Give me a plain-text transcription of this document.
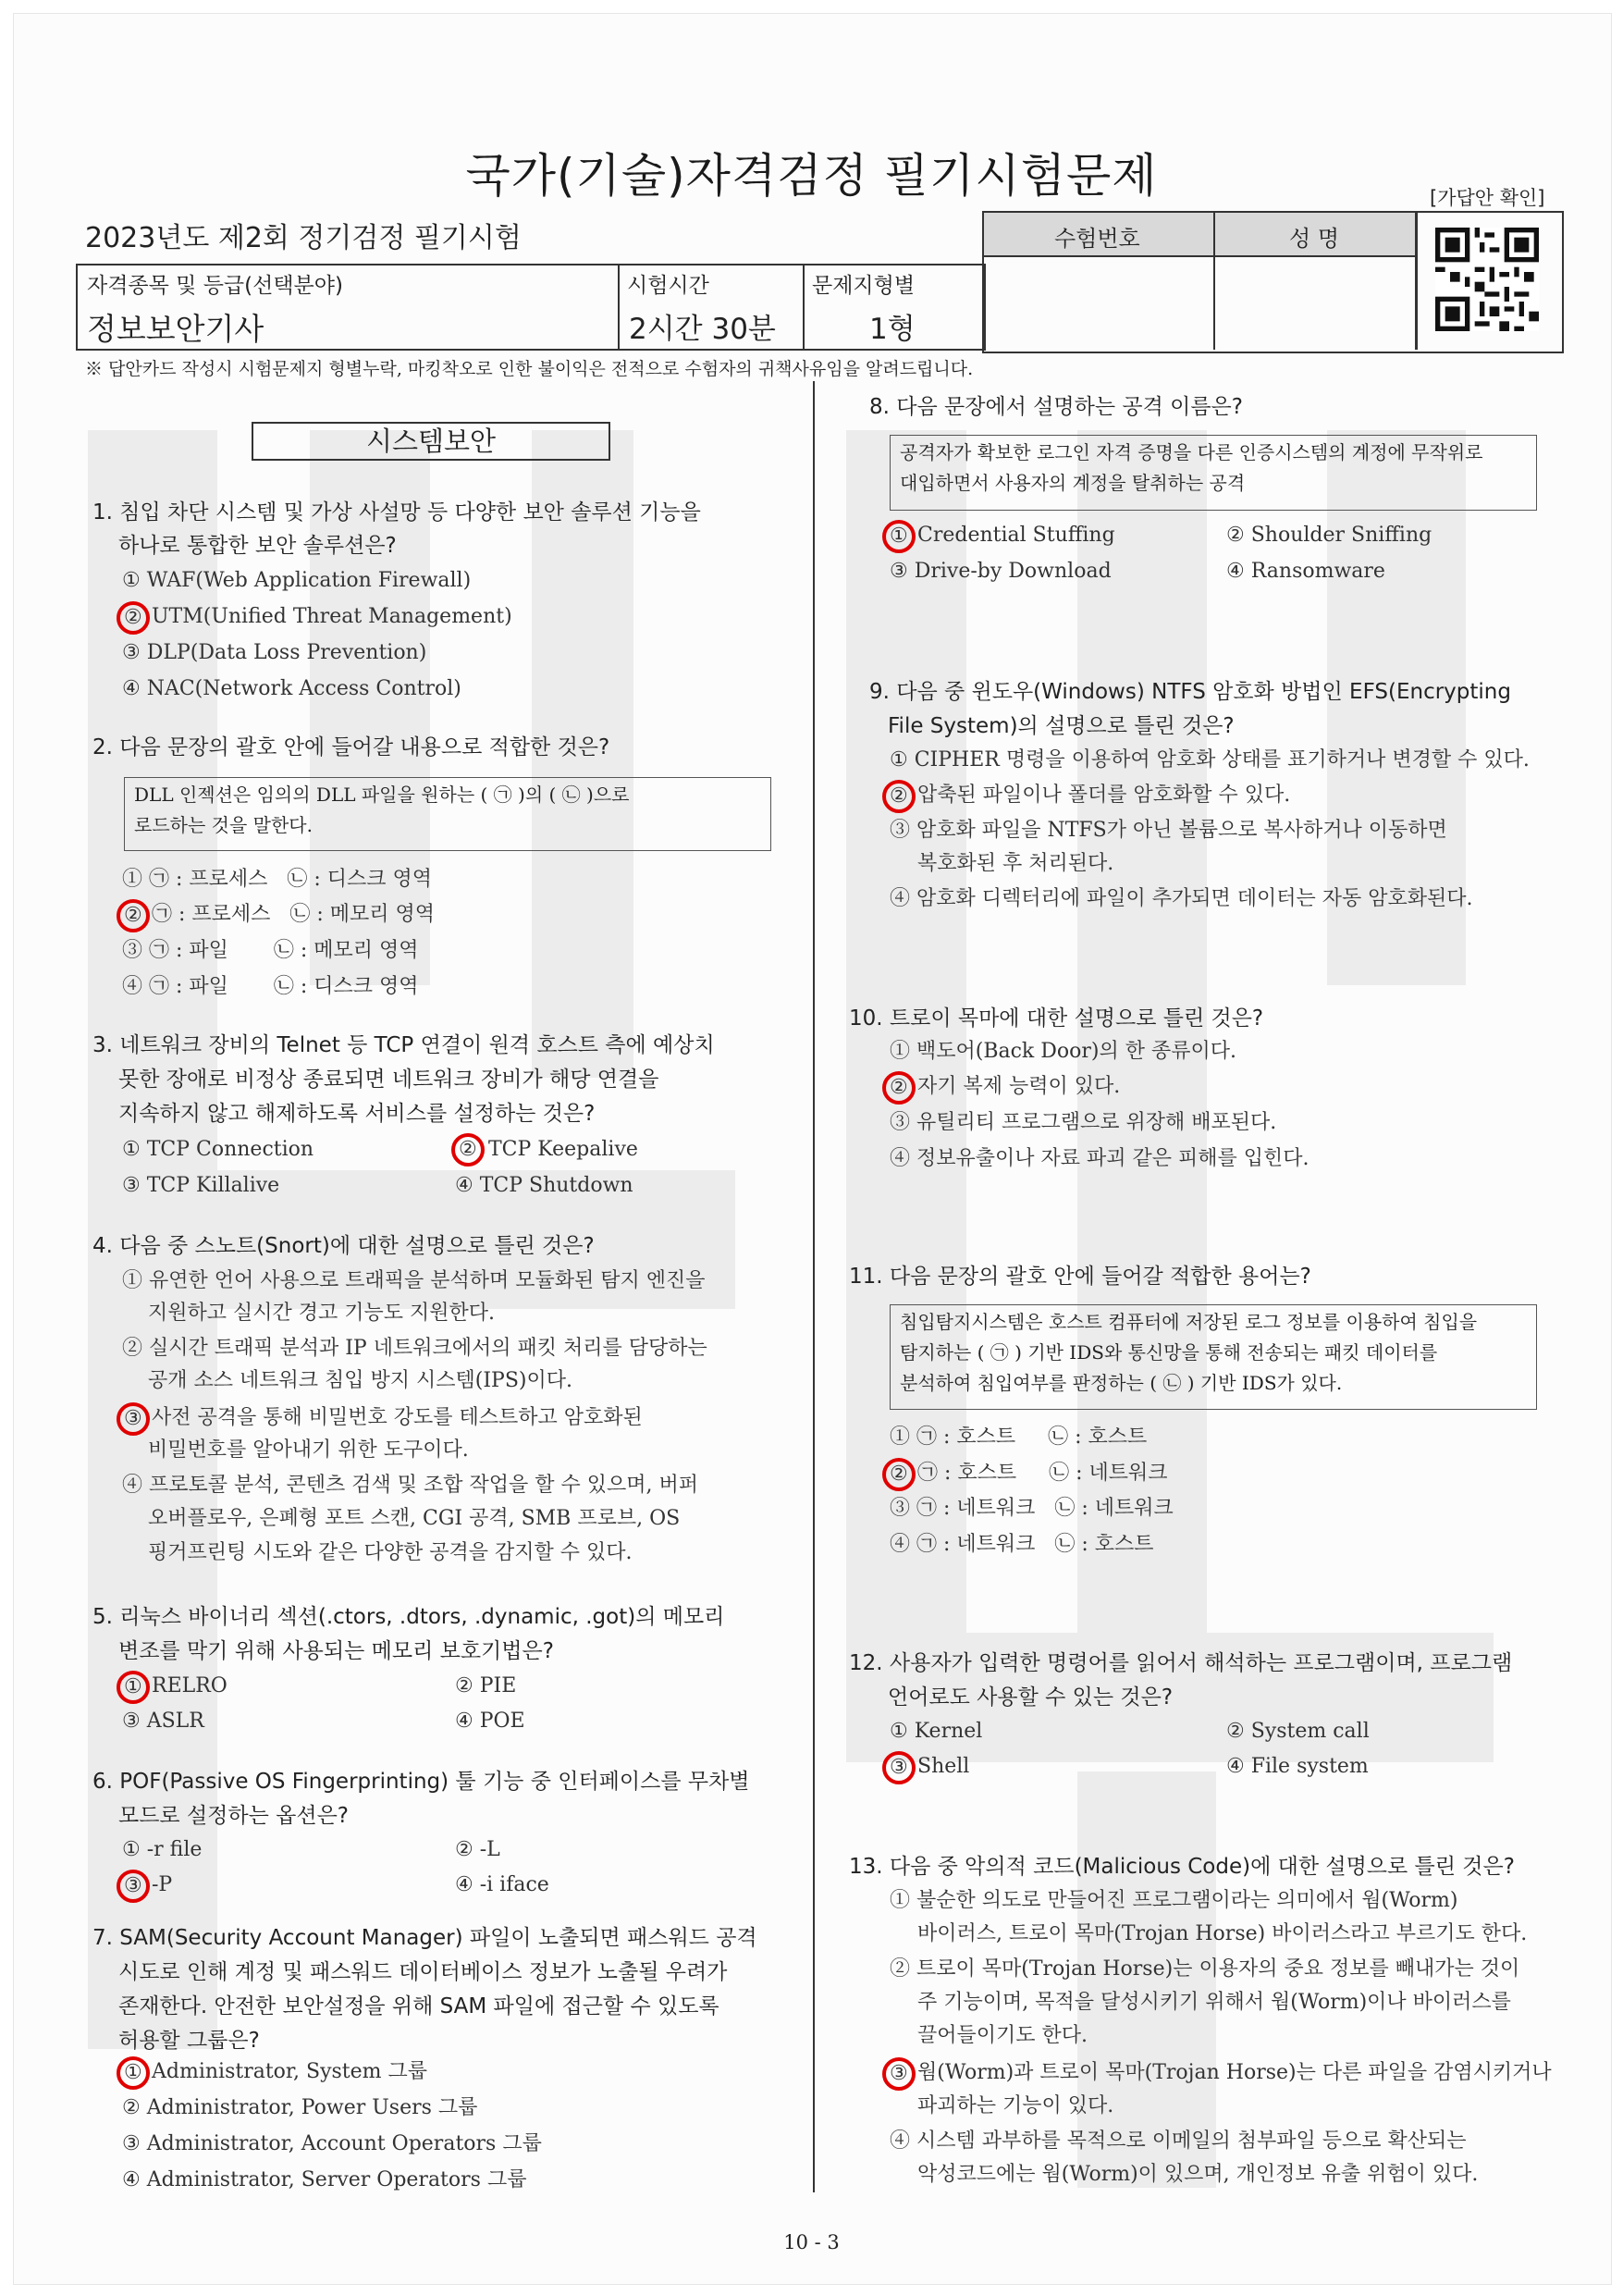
국가(기술)자격검정 필기시험문제	[가답안 확인]
2023년도 제2회 정기검정 필기시험
자격종목 및 등급(선택분야)
정보보안기사
시험시간
2시간 30분
문제지형별
1형
수험번호	성 명
※ 답안카드 작성시 시험문제지 형별누락, 마킹착오로 인한 불이익은 전적으로 수험자의 귀책사유임을 알려드립니다.
시스템보안
1. 침입 차단 시스템 및 가상 사설망 등 다양한 보안 솔루션 기능을
하나로 통합한 보안 솔루션은?
① WAF(Web Application Firewall)
② UTM(Unified Threat Management)
③ DLP(Data Loss Prevention)
④ NAC(Network Access Control)
2. 다음 문장의 괄호 안에 들어갈 내용으로 적합한 것은?
DLL 인젝션은 임의의 DLL 파일을 원하는 ( ㉠ )의 ( ㉡ )으로
로드하는 것을 말한다.
① ㉠ : 프로세스   ㉡ : 디스크 영역
② ㉠ : 프로세스   ㉡ : 메모리 영역
③ ㉠ : 파일       ㉡ : 메모리 영역
④ ㉠ : 파일       ㉡ : 디스크 영역
3. 네트워크 장비의 Telnet 등 TCP 연결이 원격 호스트 측에 예상치
못한 장애로 비정상 종료되면 네트워크 장비가 해당 연결을
지속하지 않고 해제하도록 서비스를 설정하는 것은?
① TCP Connection	② TCP Keepalive
③ TCP Killalive	④ TCP Shutdown
4. 다음 중 스노트(Snort)에 대한 설명으로 틀린 것은?
① 유연한 언어 사용으로 트래픽을 분석하며 모듈화된 탐지 엔진을
지원하고 실시간 경고 기능도 지원한다.
② 실시간 트래픽 분석과 IP 네트워크에서의 패킷 처리를 담당하는
공개 소스 네트워크 침입 방지 시스템(IPS)이다.
③ 사전 공격을 통해 비밀번호 강도를 테스트하고 암호화된
비밀번호를 알아내기 위한 도구이다.
④ 프로토콜 분석, 콘텐츠 검색 및 조합 작업을 할 수 있으며, 버퍼
오버플로우, 은폐형 포트 스캔, CGI 공격, SMB 프로브, OS
핑거프린팅 시도와 같은 다양한 공격을 감지할 수 있다.
5. 리눅스 바이너리 섹션(.ctors, .dtors, .dynamic, .got)의 메모리
변조를 막기 위해 사용되는 메모리 보호기법은?
① RELRO	② PIE
③ ASLR	④ POE
6. POF(Passive OS Fingerprinting) 툴 기능 중 인터페이스를 무차별
모드로 설정하는 옵션은?
① -r file	② -L
③ -P	④ -i iface
7. SAM(Security Account Manager) 파일이 노출되면 패스워드 공격
시도로 인해 계정 및 패스워드 데이터베이스 정보가 노출될 우려가
존재한다. 안전한 보안설정을 위해 SAM 파일에 접근할 수 있도록
허용할 그룹은?
① Administrator, System 그룹
② Administrator, Power Users 그룹
③ Administrator, Account Operators 그룹
④ Administrator, Server Operators 그룹
8. 다음 문장에서 설명하는 공격 이름은?
공격자가 확보한 로그인 자격 증명을 다른 인증시스템의 계정에 무작위로
대입하면서 사용자의 계정을 탈취하는 공격
① Credential Stuffing	② Shoulder Sniffing
③ Drive-by Download	④ Ransomware
9. 다음 중 윈도우(Windows) NTFS 암호화 방법인 EFS(Encrypting
File System)의 설명으로 틀린 것은?
① CIPHER 명령을 이용하여 암호화 상태를 표기하거나 변경할 수 있다.
② 압축된 파일이나 폴더를 암호화할 수 있다.
③ 암호화 파일을 NTFS가 아닌 볼륨으로 복사하거나 이동하면
복호화된 후 처리된다.
④ 암호화 디렉터리에 파일이 추가되면 데이터는 자동 암호화된다.
10. 트로이 목마에 대한 설명으로 틀린 것은?
① 백도어(Back Door)의 한 종류이다.
② 자기 복제 능력이 있다.
③ 유틸리티 프로그램으로 위장해 배포된다.
④ 정보유출이나 자료 파괴 같은 피해를 입힌다.
11. 다음 문장의 괄호 안에 들어갈 적합한 용어는?
침입탐지시스템은 호스트 컴퓨터에 저장된 로그 정보를 이용하여 침입을
탐지하는 ( ㉠ ) 기반 IDS와 통신망을 통해 전송되는 패킷 데이터를
분석하여 침입여부를 판정하는 ( ㉡ ) 기반 IDS가 있다.
① ㉠ : 호스트     ㉡ : 호스트
② ㉠ : 호스트     ㉡ : 네트워크
③ ㉠ : 네트워크   ㉡ : 네트워크
④ ㉠ : 네트워크   ㉡ : 호스트
12. 사용자가 입력한 명령어를 읽어서 해석하는 프로그램이며, 프로그램
언어로도 사용할 수 있는 것은?
① Kernel	② System call
③ Shell	④ File system
13. 다음 중 악의적 코드(Malicious Code)에 대한 설명으로 틀린 것은?
① 불순한 의도로 만들어진 프로그램이라는 의미에서 웜(Worm)
바이러스, 트로이 목마(Trojan Horse) 바이러스라고 부르기도 한다.
② 트로이 목마(Trojan Horse)는 이용자의 중요 정보를 빼내가는 것이
주 기능이며, 목적을 달성시키기 위해서 웜(Worm)이나 바이러스를
끌어들이기도 한다.
③ 웜(Worm)과 트로이 목마(Trojan Horse)는 다른 파일을 감염시키거나
파괴하는 기능이 있다.
④ 시스템 과부하를 목적으로 이메일의 첨부파일 등으로 확산되는
악성코드에는 웜(Worm)이 있으며, 개인정보 유출 위험이 있다.
10 - 3
